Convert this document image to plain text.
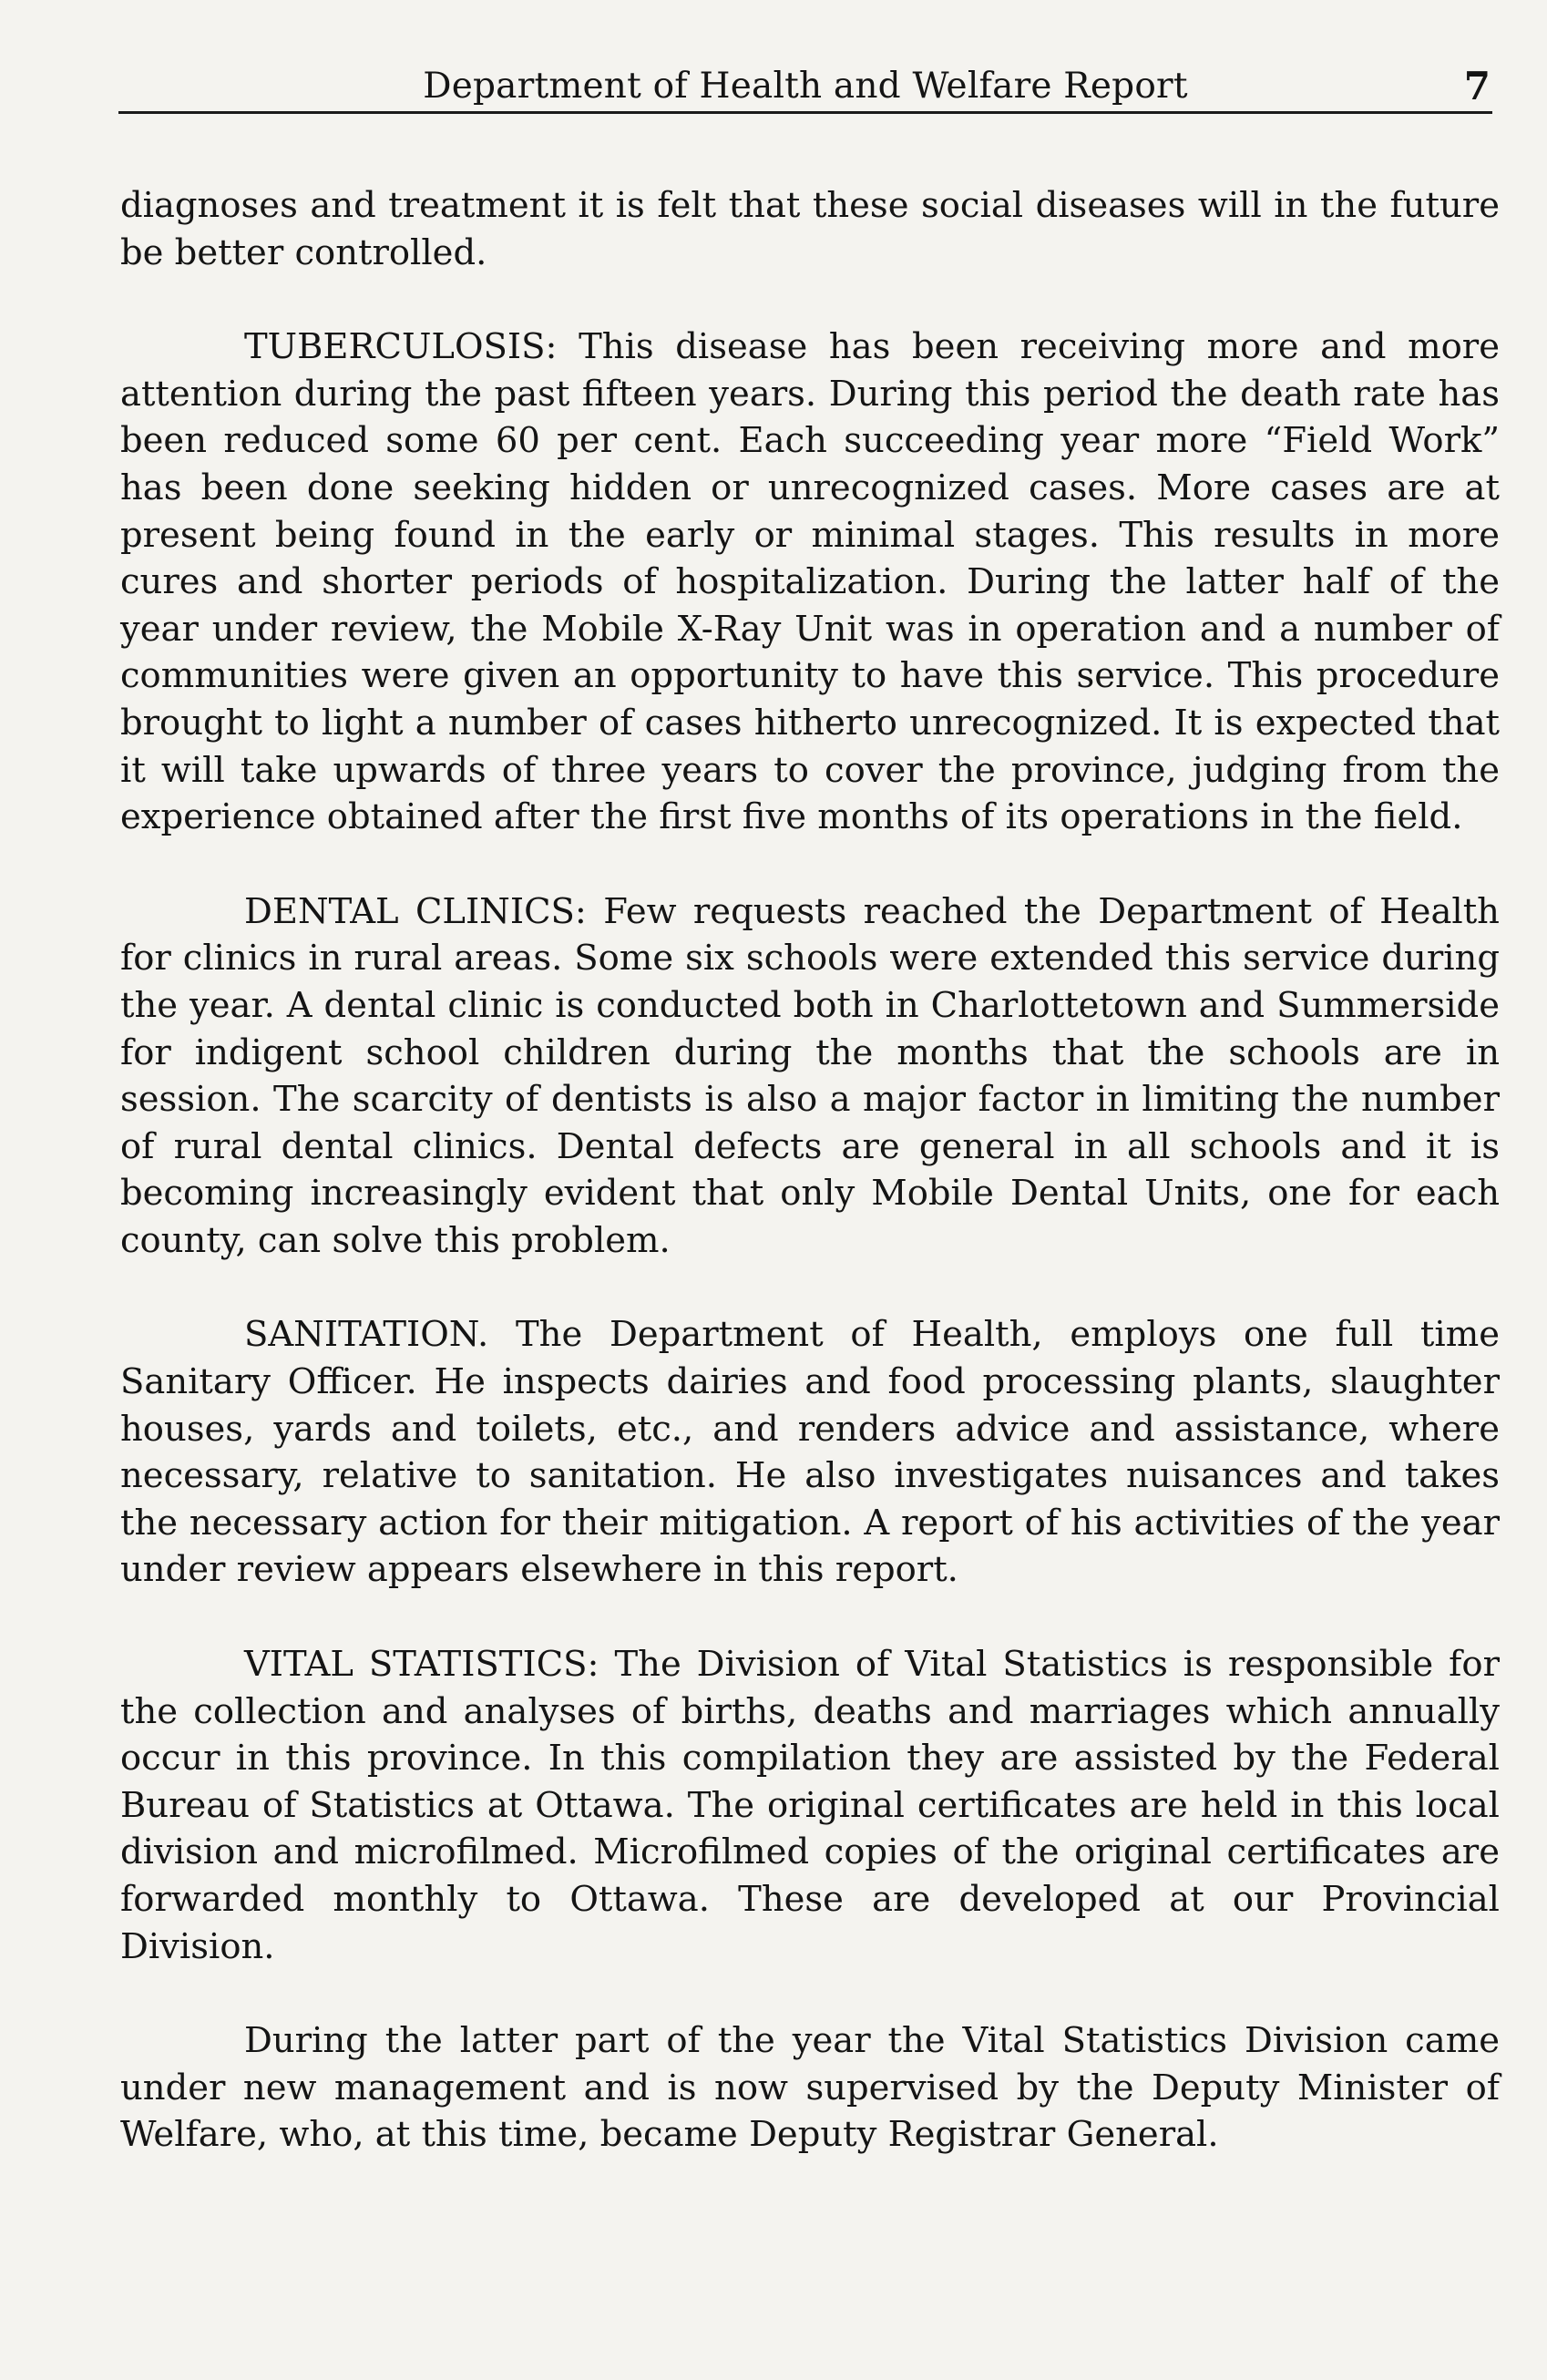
Department of Health and Welfare Report	7

diagnoses and treatment it is felt that these social diseases will in the future be better controlled.

TUBERCULOSIS: This disease has been receiving more and more attention during the past fifteen years. During this period the death rate has been reduced some 60 per cent. Each succeeding year more “Field Work” has been done seeking hidden or unrecognized cases. More cases are at present being found in the early or minimal stages. This results in more cures and shorter periods of hospitalization. During the latter half of the year under review, the Mobile X-Ray Unit was in operation and a number of communities were given an opportunity to have this service. This procedure brought to light a number of cases hitherto unrecognized. It is expected that it will take upwards of three years to cover the province, judging from the experience obtained after the first five months of its operations in the field.

DENTAL CLINICS: Few requests reached the Department of Health for clinics in rural areas. Some six schools were extended this service during the year. A dental clinic is conducted both in Charlottetown and Summerside for indigent school children during the months that the schools are in session. The scarcity of dentists is also a major factor in limiting the number of rural dental clinics. Dental defects are general in all schools and it is becoming increasingly evident that only Mobile Dental Units, one for each county, can solve this problem.

SANITATION. The Department of Health, employs one full time Sanitary Officer. He inspects dairies and food processing plants, slaughter houses, yards and toilets, etc., and renders advice and assistance, where necessary, relative to sanitation. He also investigates nuisances and takes the necessary action for their mitigation. A report of his activities of the year under review appears elsewhere in this report.

VITAL STATISTICS: The Division of Vital Statistics is responsible for the collection and analyses of births, deaths and marriages which annually occur in this province. In this compilation they are assisted by the Federal Bureau of Statistics at Ottawa. The original certificates are held in this local division and microfilmed. Microfilmed copies of the original certificates are forwarded monthly to Ottawa. These are developed at our Provincial Division.

During the latter part of the year the Vital Statistics Division came under new management and is now supervised by the Deputy Minister of Welfare, who, at this time, became Deputy Registrar General.
